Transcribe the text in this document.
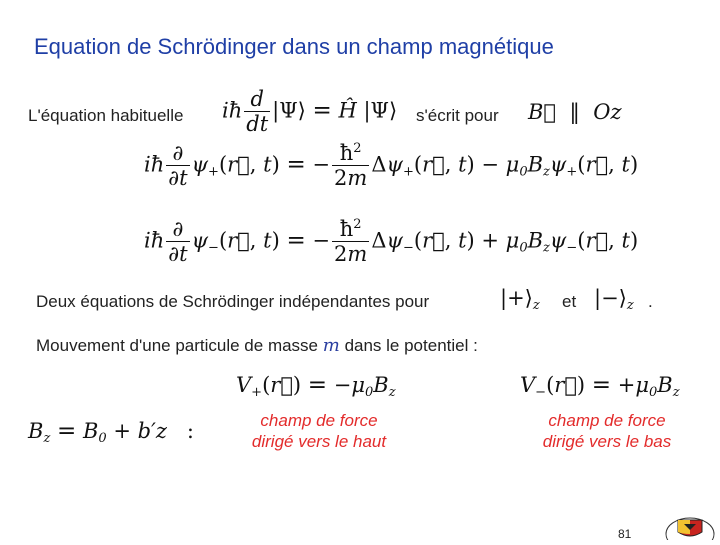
Equation de Schrödinger dans un champ magnétique
L'équation habituelle iħ $\frac{d}{dt}$ |Ψ⟩ = Ĥ |Ψ⟩ s'écrit pour B⃗  ‖  Oz
iħ $\frac{\partial}{\partial t}$ $\psi_+(r⃗$, t) = − $\frac{ħ^2}{2m}$ $\Delta\psi_+(r⃗$, $t) - \mu_0B_z\psi_+(r⃗$, t)
iħ $\frac{\partial}{\partial t}$ $\psi_-(r⃗$, t) = − $\frac{ħ^2}{2m}$ $\Delta\psi_-(r⃗$, $t) + \mu_0B_z\psi_-(r⃗$, t)
Deux équations de Schrödinger indépendantes pour	$|+⟩_z$ et $|-⟩_z$ .
Mouvement d'une particule de masse m dans le potentiel :
$V_+(r⃗) = -\mu_0B_z$	$V_-(r⃗) = +\mu_0B_z$
$B_z = B_0 + b'z$   :	champ de force
dirigé vers le haut
champ de force
dirigé vers le bas
81
